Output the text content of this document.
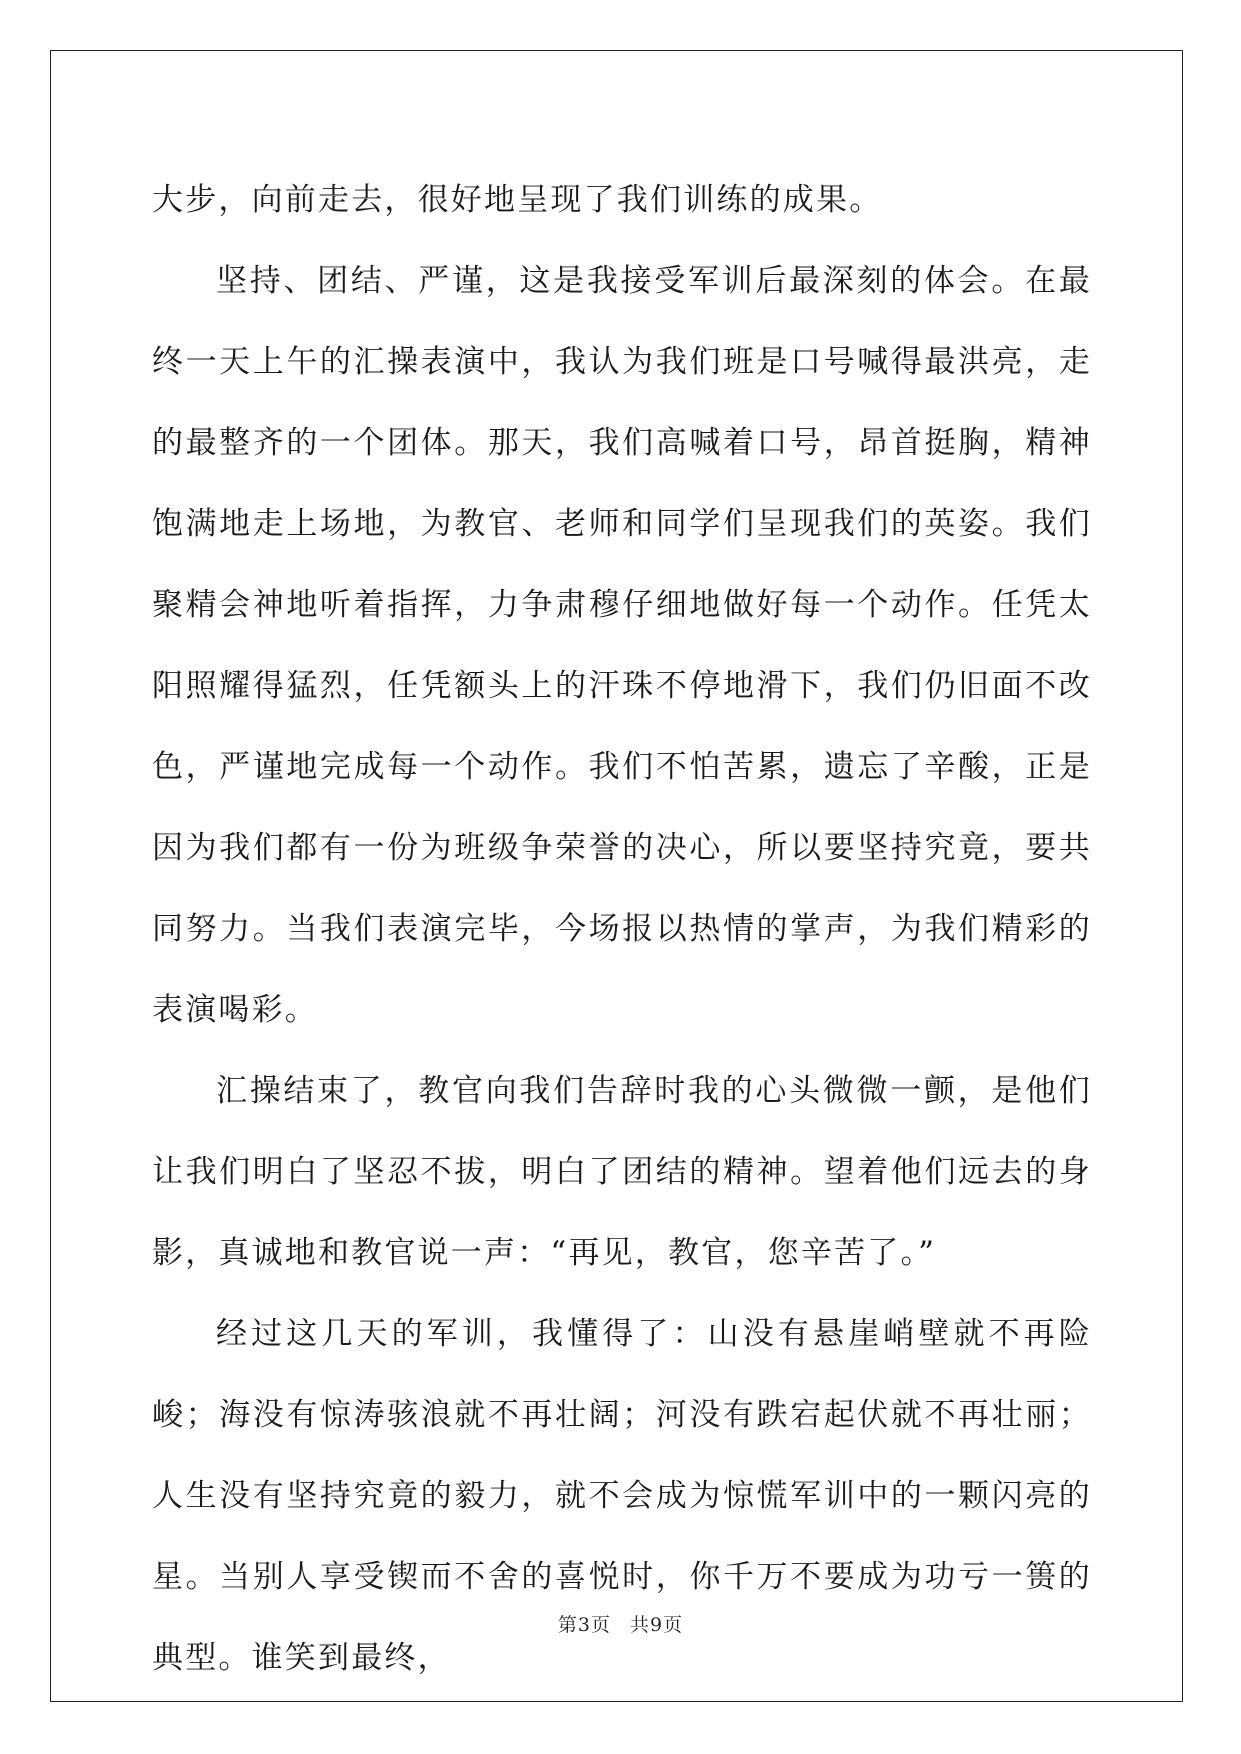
大步，向前走去，很好地呈现了我们训练的成果。

坚持、团结、严谨，这是我接受军训后最深刻的体会。在最终一天上午的汇操表演中，我认为我们班是口号喊得最洪亮，走的最整齐的一个团体。那天，我们高喊着口号，昂首挺胸，精神饱满地走上场地，为教官、老师和同学们呈现我们的英姿。我们聚精会神地听着指挥，力争肃穆仔细地做好每一个动作。任凭太阳照耀得猛烈，任凭额头上的汗珠不停地滑下，我们仍旧面不改色，严谨地完成每一个动作。我们不怕苦累，遗忘了辛酸，正是因为我们都有一份为班级争荣誉的决心，所以要坚持究竟，要共同努力。当我们表演完毕，今场报以热情的掌声，为我们精彩的表演喝彩。

汇操结束了，教官向我们告辞时我的心头微微一颤，是他们让我们明白了坚忍不拔，明白了团结的精神。望着他们远去的身影，真诚地和教官说一声：“再见，教官，您辛苦了。”

经过这几天的军训，我懂得了：山没有悬崖峭壁就不再险峻；海没有惊涛骇浪就不再壮阔；河没有跌宕起伏就不再壮丽；人生没有坚持究竟的毅力，就不会成为惊慌军训中的一颗闪亮的星。当别人享受锲而不舍的喜悦时，你千万不要成为功亏一篑的典型。谁笑到最终，

第3页 共9页
